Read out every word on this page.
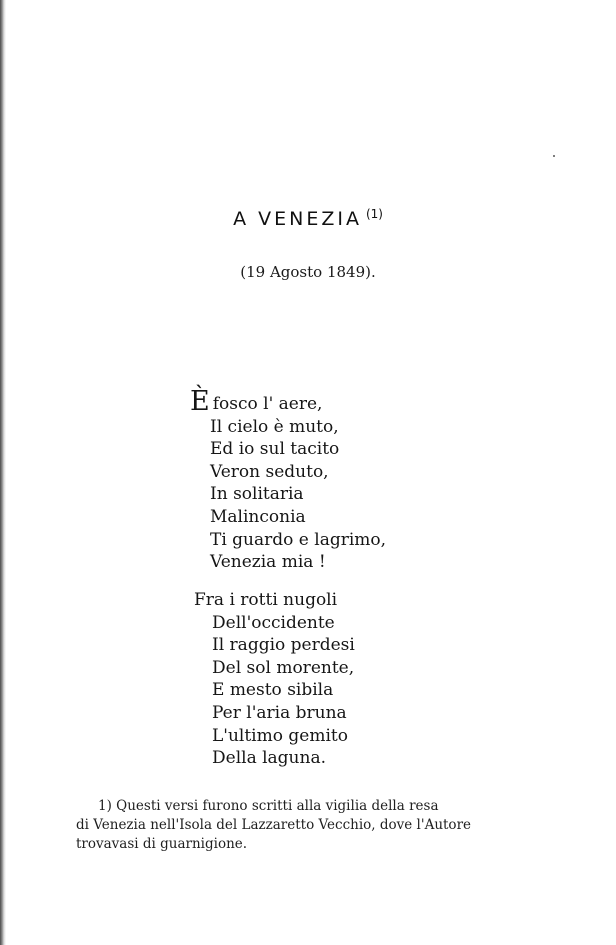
A VENEZIA $^{(1)}$
(19 Agosto 1849).
Èfosco l' aere,
Il cielo è muto,
Ed io sul tacito
Veron seduto,
In solitaria
Malinconia
Ti guardo e lagrimo,
Venezia mia !
Fra i rotti nugoli
Dell'occidente
Il raggio perdesi
Del sol morente,
E mesto sibila
Per l'aria bruna
L'ultimo gemito
Della laguna.
1) Questi versi furono scritti alla vigilia della resa
di Venezia nell'Isola del Lazzaretto Vecchio, dove l'Autore
trovavasi di guarnigione.
